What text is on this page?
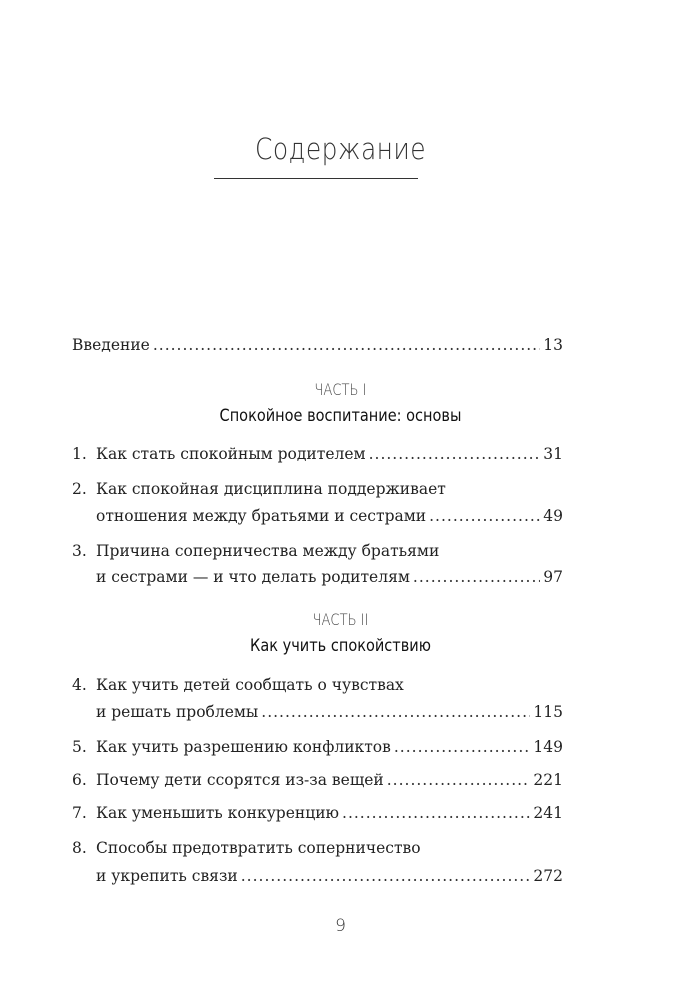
Содержание
Введение .....	13
ЧАСТЬ I
Спокойное воспитание: основы
1. Как стать спокойным родителем .....	31
2. Как спокойная дисциплина поддерживает
отношения между братьями и сестрами .....	49
3. Причина соперничества между братьями
и сестрами — и что делать родителям .....	97
ЧАСТЬ II
Как учить спокойствию
4. Как учить детей сообщать о чувствах
и решать проблемы .....	115
5. Как учить разрешению конфликтов .....	149
6. Почему дети ссорятся из-за вещей .....	221
7. Как уменьшить конкуренцию .....	241
8. Способы предотвратить соперничество
и укрепить связи .....	272
9
